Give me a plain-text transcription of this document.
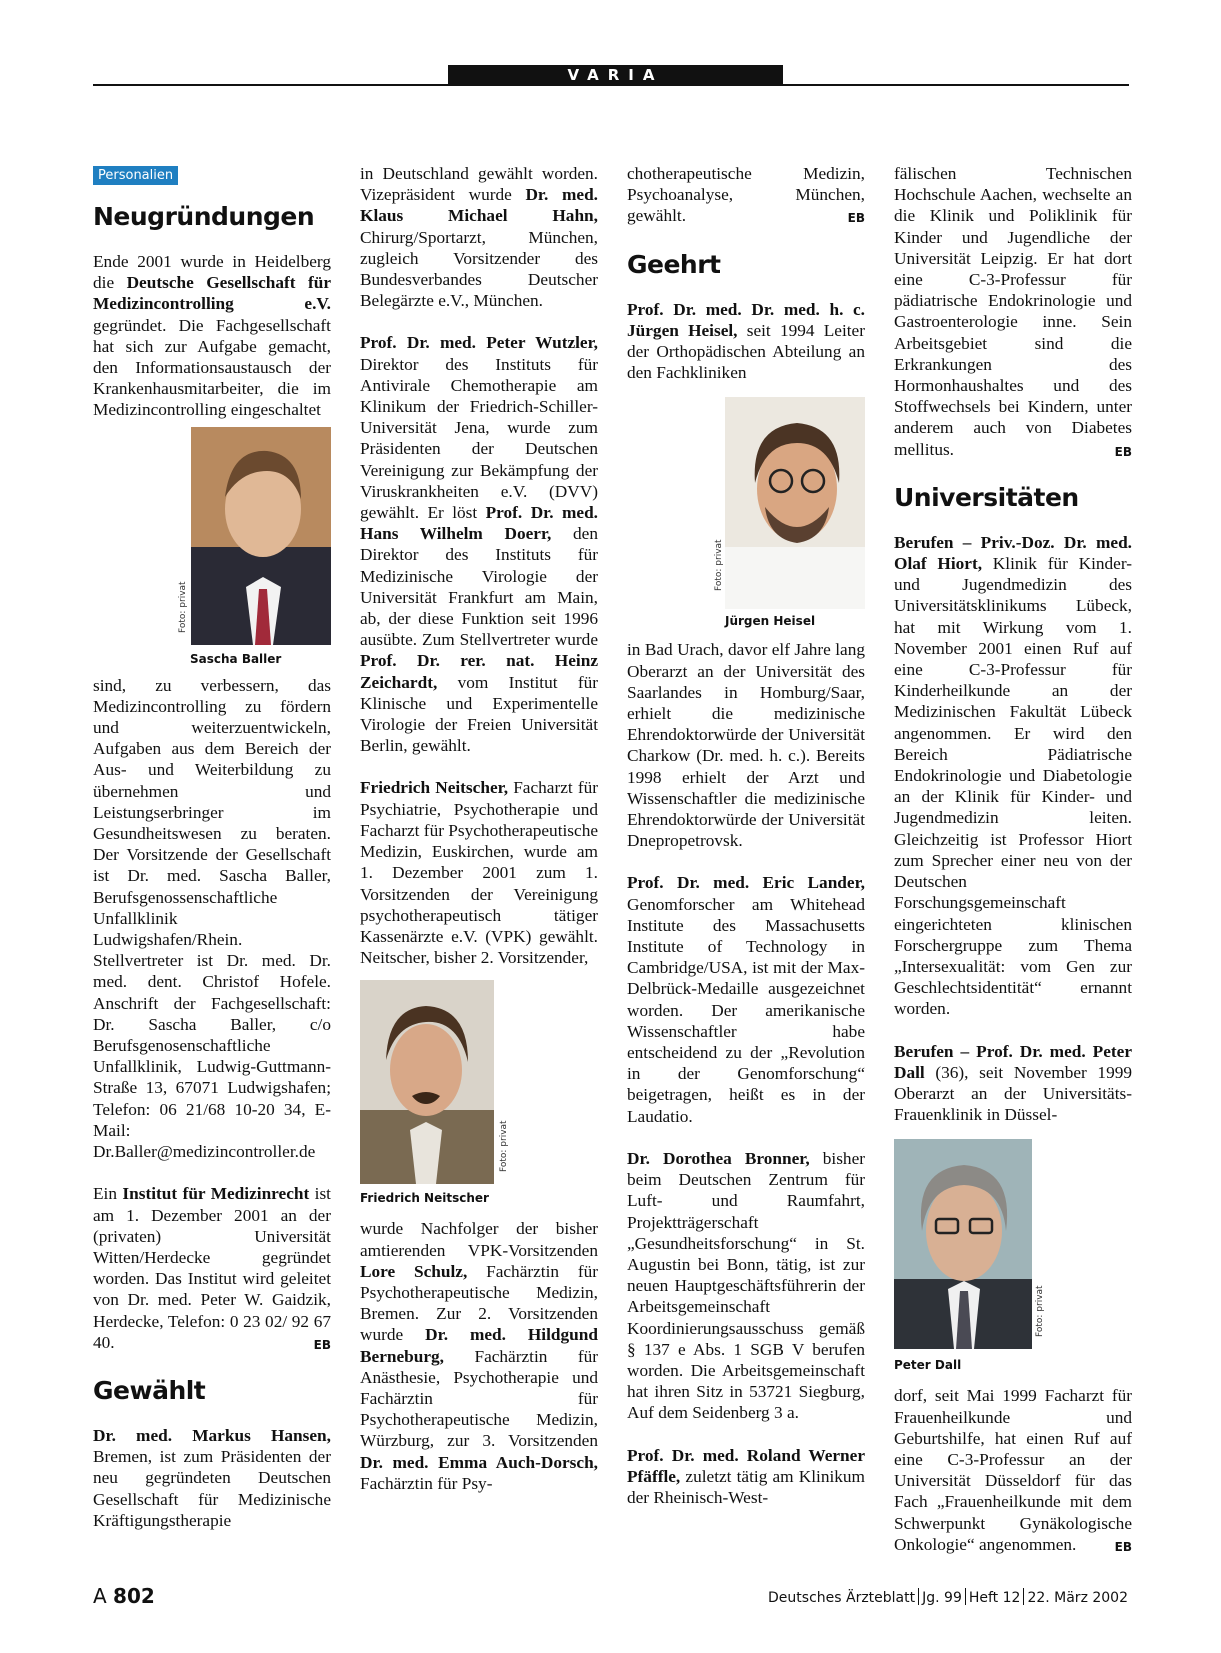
VARIA
Personalien
Neugründungen

Ende 2001 wurde in Heidelberg die Deutsche Gesellschaft für Medizincontrolling e.V. gegründet. Die Fachgesellschaft hat sich zur Aufgabe gemacht, den Informationsaustausch der Krankenhausmitarbeiter, die im Medizincontrolling eingeschaltet

Foto: privat
Sascha Baller

sind, zu verbessern, das Medizincontrolling zu fördern und weiterzuentwickeln, Aufgaben aus dem Bereich der Aus- und Weiterbildung zu übernehmen und Leistungserbringer im Gesundheitswesen zu beraten. Der Vorsitzende der Gesellschaft ist Dr. med. Sascha Baller, Berufsgenossenschaftliche Unfallklinik Ludwigshafen/Rhein. Stellvertreter ist Dr. med. Dr. med. dent. Christof Hofele. Anschrift der Fachgesellschaft: Dr. Sascha Baller, c/o Berufsgenosenschaftliche Unfallklinik, Ludwig-Guttmann-Straße 13, 67071 Ludwigshafen; Telefon: 06 21/68 10-20 34, E-Mail: Dr.Baller@medizincontroller.de

Ein Institut für Medizinrecht ist am 1. Dezember 2001 an der (privaten) Universität Witten/Herdecke gegründet worden. Das Institut wird geleitet von Dr. med. Peter W. Gaidzik, Herdecke, Telefon: 0 23 02/ 92 67 40.	EB

Gewählt

Dr. med. Markus Hansen, Bremen, ist zum Präsidenten der neu gegründeten Deutschen Gesellschaft für Medizinische Kräftigungstherapie

in Deutschland gewählt worden. Vizepräsident wurde Dr. med. Klaus Michael Hahn, Chirurg/Sportarzt, München, zugleich Vorsitzender des Bundesverbandes Deutscher Belegärzte e.V., München.

Prof. Dr. med. Peter Wutzler, Direktor des Instituts für Antivirale Chemotherapie am Klinikum der Friedrich-Schiller-Universität Jena, wurde zum Präsidenten der Deutschen Vereinigung zur Bekämpfung der Viruskrankheiten e.V. (DVV) gewählt. Er löst Prof. Dr. med. Hans Wilhelm Doerr, den Direktor des Instituts für Medizinische Virologie der Universität Frankfurt am Main, ab, der diese Funktion seit 1996 ausübte. Zum Stellvertreter wurde Prof. Dr. rer. nat. Heinz Zeichardt, vom Institut für Klinische und Experimentelle Virologie der Freien Universität Berlin, gewählt.

Friedrich Neitscher, Facharzt für Psychiatrie, Psychotherapie und Facharzt für Psychotherapeutische Medizin, Euskirchen, wurde am 1. Dezember 2001 zum 1. Vorsitzenden der Vereinigung psychotherapeutisch tätiger Kassenärzte e.V. (VPK) gewählt. Neitscher, bisher 2. Vorsitzender,

Foto: privat
Friedrich Neitscher

wurde Nachfolger der bisher amtierenden VPK-Vorsitzenden Lore Schulz, Fachärztin für Psychotherapeutische Medizin, Bremen. Zur 2. Vorsitzenden wurde Dr. med. Hildgund Berneburg, Fachärztin für Anästhesie, Psychotherapie und Fachärztin für Psychotherapeutische Medizin, Würzburg, zur 3. Vorsitzenden Dr. med. Emma Auch-Dorsch, Fachärztin für Psy-

chotherapeutische Medizin, Psychoanalyse, München, gewählt.	EB

Geehrt

Prof. Dr. med. Dr. med. h. c. Jürgen Heisel, seit 1994 Leiter der Orthopädischen Abteilung an den Fachkliniken

Foto: privat
Jürgen Heisel

in Bad Urach, davor elf Jahre lang Oberarzt an der Universität des Saarlandes in Homburg/Saar, erhielt die medizinische Ehrendoktorwürde der Universität Charkow (Dr. med. h. c.). Bereits 1998 erhielt der Arzt und Wissenschaftler die medizinische Ehrendoktorwürde der Universität Dnepropetrovsk.

Prof. Dr. med. Eric Lander, Genomforscher am Whitehead Institute des Massachusetts Institute of Technology in Cambridge/USA, ist mit der Max-Delbrück-Medaille ausgezeichnet worden. Der amerikanische Wissenschaftler habe entscheidend zu der „Revolution in der Genomforschung“ beigetragen, heißt es in der Laudatio.

Dr. Dorothea Bronner, bisher beim Deutschen Zentrum für Luft- und Raumfahrt, Projektträgerschaft „Gesundheitsforschung“ in St. Augustin bei Bonn, tätig, ist zur neuen Hauptgeschäftsführerin der Arbeitsgemeinschaft Koordinierungsausschuss gemäß § 137 e Abs. 1 SGB V berufen worden. Die Arbeitsgemeinschaft hat ihren Sitz in 53721 Siegburg, Auf dem Seidenberg 3 a.

Prof. Dr. med. Roland Werner Pfäffle, zuletzt tätig am Klinikum der Rheinisch-West-

fälischen Technischen Hochschule Aachen, wechselte an die Klinik und Poliklinik für Kinder und Jugendliche der Universität Leipzig. Er hat dort eine C-3-Professur für pädiatrische Endokrinologie und Gastroenterologie inne. Sein Arbeitsgebiet sind die Erkrankungen des Hormonhaushaltes und des Stoffwechsels bei Kindern, unter anderem auch von Diabetes mellitus.	EB

Universitäten

Berufen – Priv.-Doz. Dr. med. Olaf Hiort, Klinik für Kinder- und Jugendmedizin des Universitätsklinikums Lübeck, hat mit Wirkung vom 1. November 2001 einen Ruf auf eine C-3-Professur für Kinderheilkunde an der Medizinischen Fakultät Lübeck angenommen. Er wird den Bereich Pädiatrische Endokrinologie und Diabetologie an der Klinik für Kinder- und Jugendmedizin leiten. Gleichzeitig ist Professor Hiort zum Sprecher einer neu von der Deutschen Forschungsgemeinschaft eingerichteten klinischen Forschergruppe zum Thema „Intersexualität: vom Gen zur Geschlechtsidentität“ ernannt worden.

Berufen – Prof. Dr. med. Peter Dall (36), seit November 1999 Oberarzt an der Universitäts-Frauenklinik in Düssel-

Foto: privat
Peter Dall

dorf, seit Mai 1999 Facharzt für Frauenheilkunde und Geburtshilfe, hat einen Ruf auf eine C-3-Professur an der Universität Düsseldorf für das Fach „Frauenheilkunde mit dem Schwerpunkt Gynäkologische Onkologie“ angenommen.	EB

A 802	Deutsches Ärzteblatt Jg. 99 Heft 12 22. März 2002
